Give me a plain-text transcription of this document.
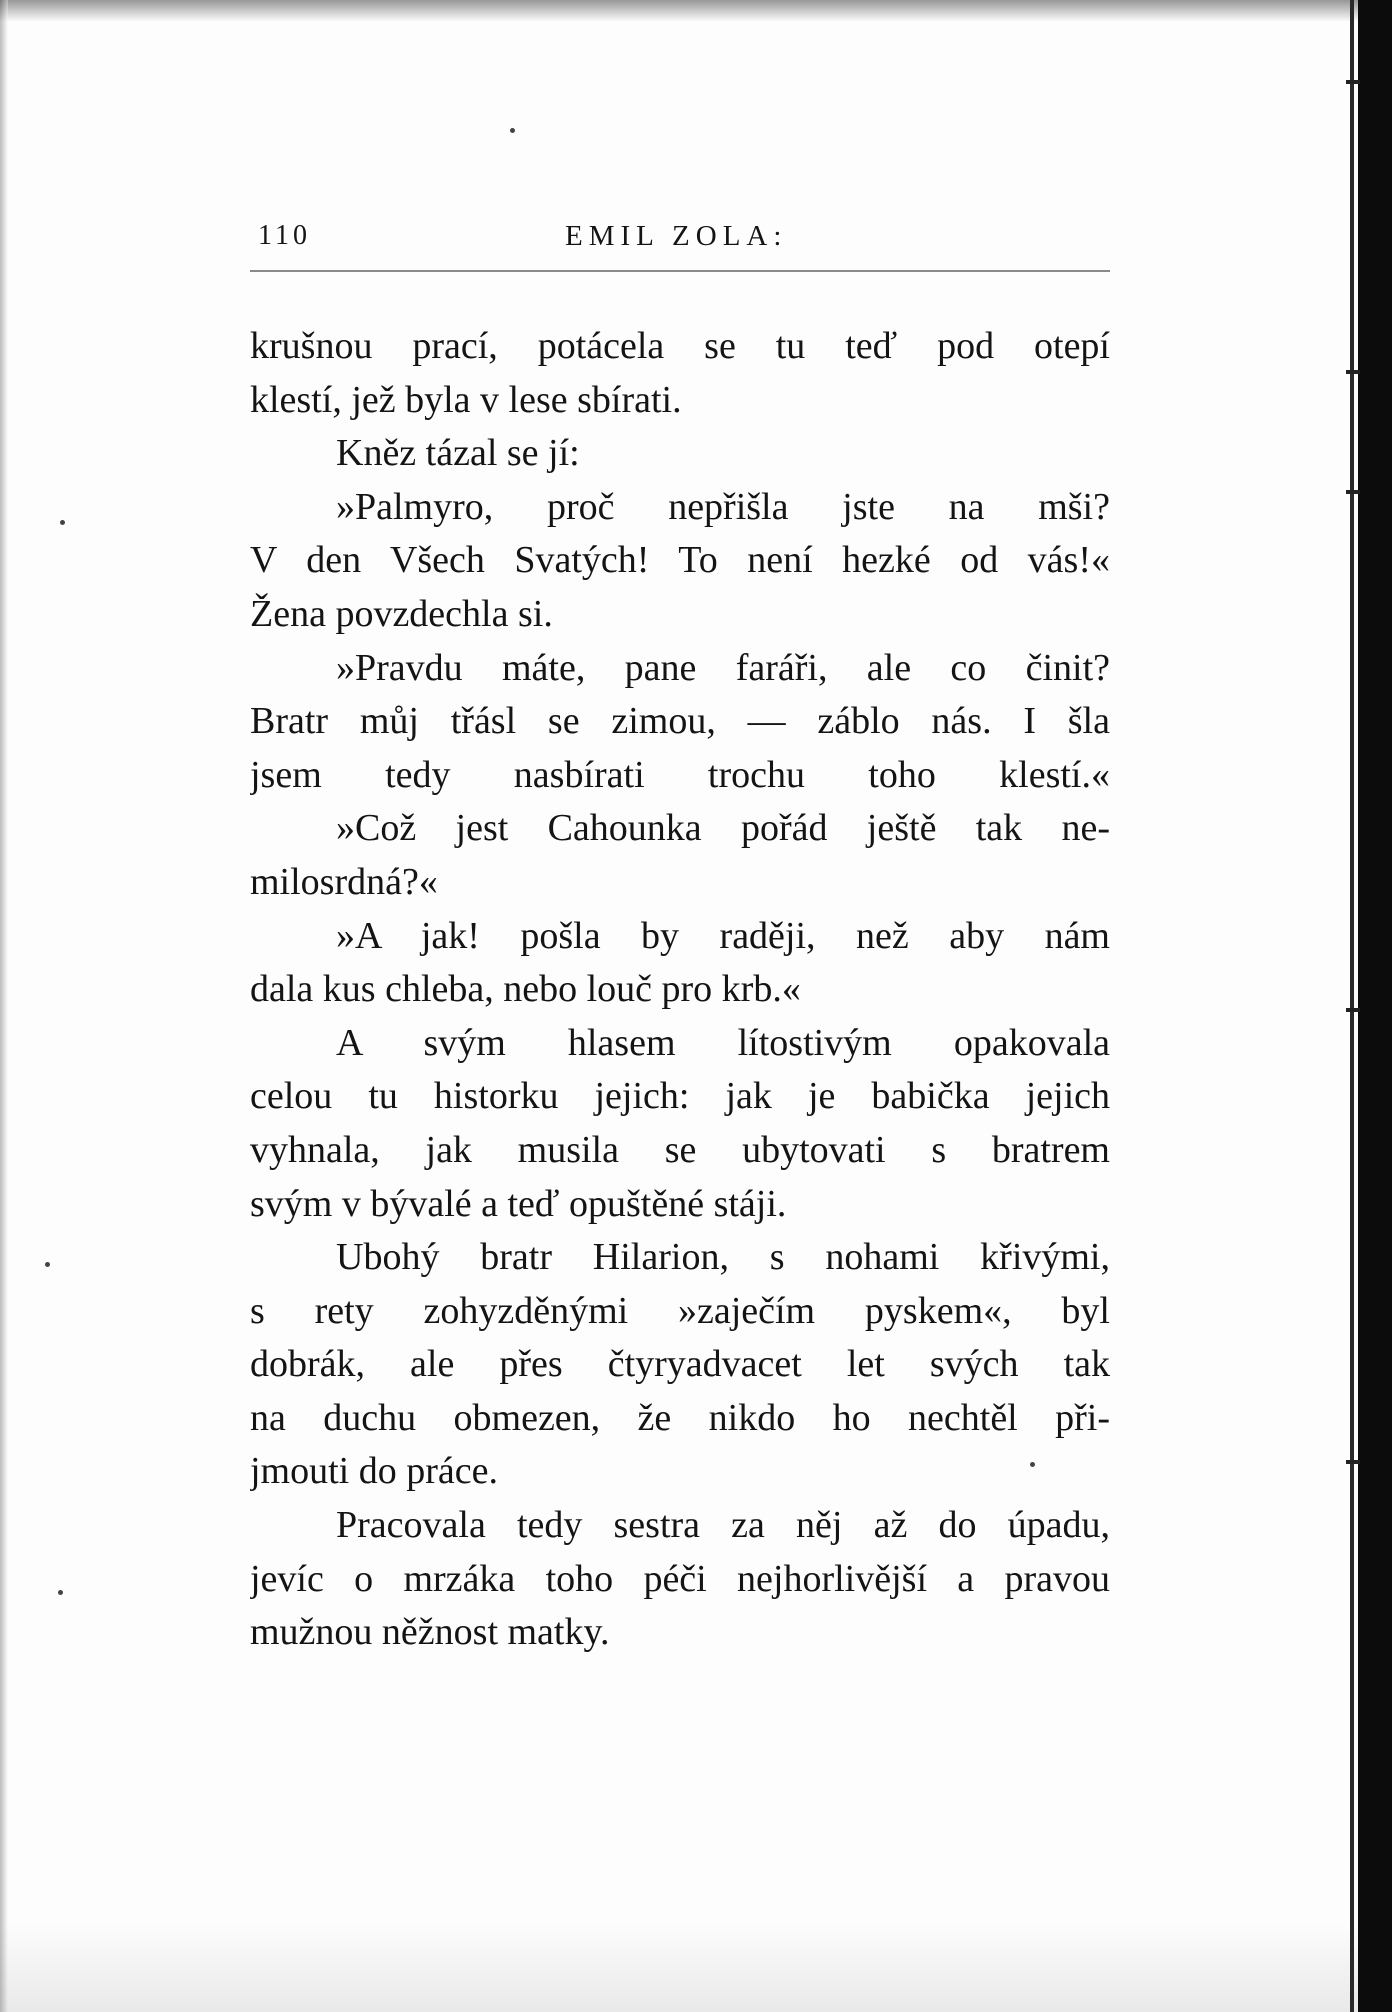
110	EMIL ZOLA:
krušnou prací, potácela se tu teď pod otepí
klestí, jež byla v lese sbírati.
Kněz tázal se jí:
»Palmyro, proč nepřišla jste na mši?
V den Všech Svatých! To není hezké od vás!«
Žena povzdechla si.
»Pravdu máte, pane faráři, ale co činit?
Bratr můj třásl se zimou, — záblo nás. I šla
jsem tedy nasbírati trochu toho klestí.«
»Což jest Cahounka pořád ještě tak ne-
milosrdná?«
»A jak! pošla by raději, než aby nám
dala kus chleba, nebo louč pro krb.«
A svým hlasem lítostivým opakovala
celou tu historku jejich: jak je babička jejich
vyhnala, jak musila se ubytovati s bratrem
svým v bývalé a teď opuštěné stáji.
Ubohý bratr Hilarion, s nohami křivými,
s rety zohyzděnými »zaječím pyskem«, byl
dobrák, ale přes čtyryadvacet let svých tak
na duchu obmezen, že nikdo ho nechtěl při-
jmouti do práce.
Pracovala tedy sestra za něj až do úpadu,
jevíc o mrzáka toho péči nejhorlivější a pravou
mužnou něžnost matky.
